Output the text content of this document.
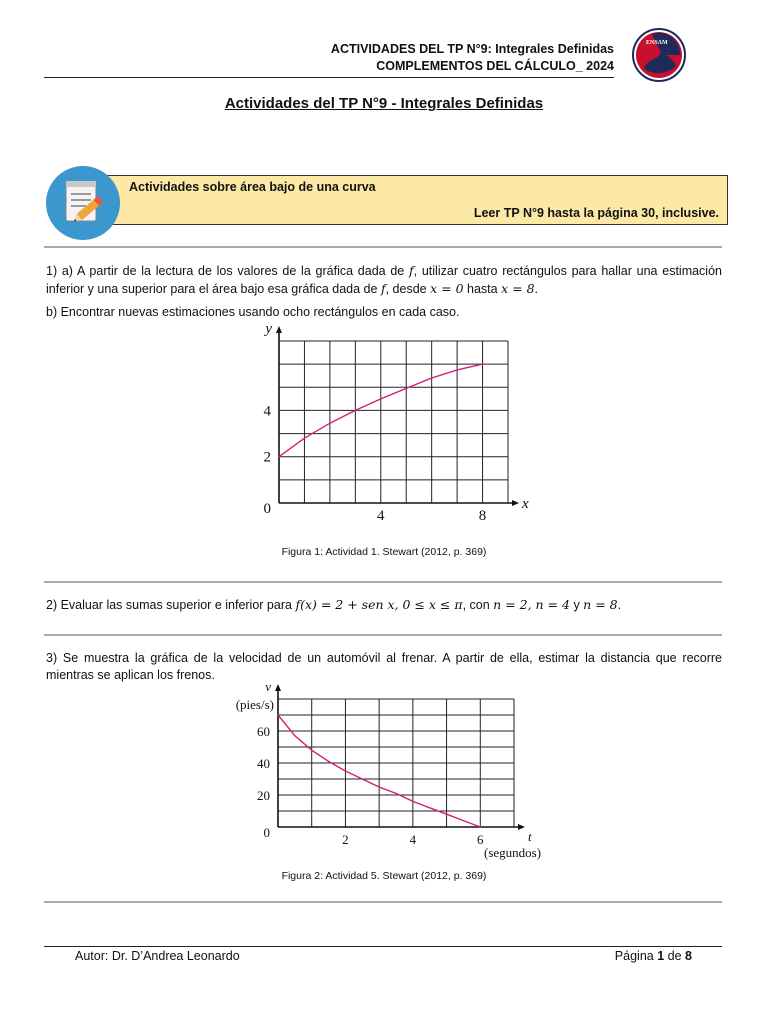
ACTIVIDADES DEL TP N°9: Integrales Definidas
COMPLEMENTOS DEL CÁLCULO_ 2024
ENSAM
Actividades del TP N°9 - Integrales Definidas
Actividades sobre área bajo de una curva
Leer TP N°9 hasta la página 30, inclusive.
1) a) A partir de la lectura de los valores de la gráfica dada de f, utilizar cuatro rectángulos para hallar una estimación inferior y una superior para el área bajo esa gráfica dada de f, desde x = 0 hasta x = 8.
b) Encontrar nuevas estimaciones usando ocho rectángulos en cada caso.
4	8
2
4
0
y
x
Figura 1: Actividad 1. Stewart (2012, p. 369)
2) Evaluar las sumas superior e inferior para f(x) = 2 + sen x, 0 ≤ x ≤ π, con n = 2, n = 4 y n = 8.
3) Se muestra la gráfica de la velocidad de un automóvil al frenar. A partir de ella, estimar la distancia que recorre mientras se aplican los frenos.
2	4	6
20
40
60
0
v
t
(pies/s)
(segundos)
Figura 2: Actividad 5. Stewart (2012, p. 369)
Autor: Dr. D’Andrea Leonardo	Página 1 de 8
